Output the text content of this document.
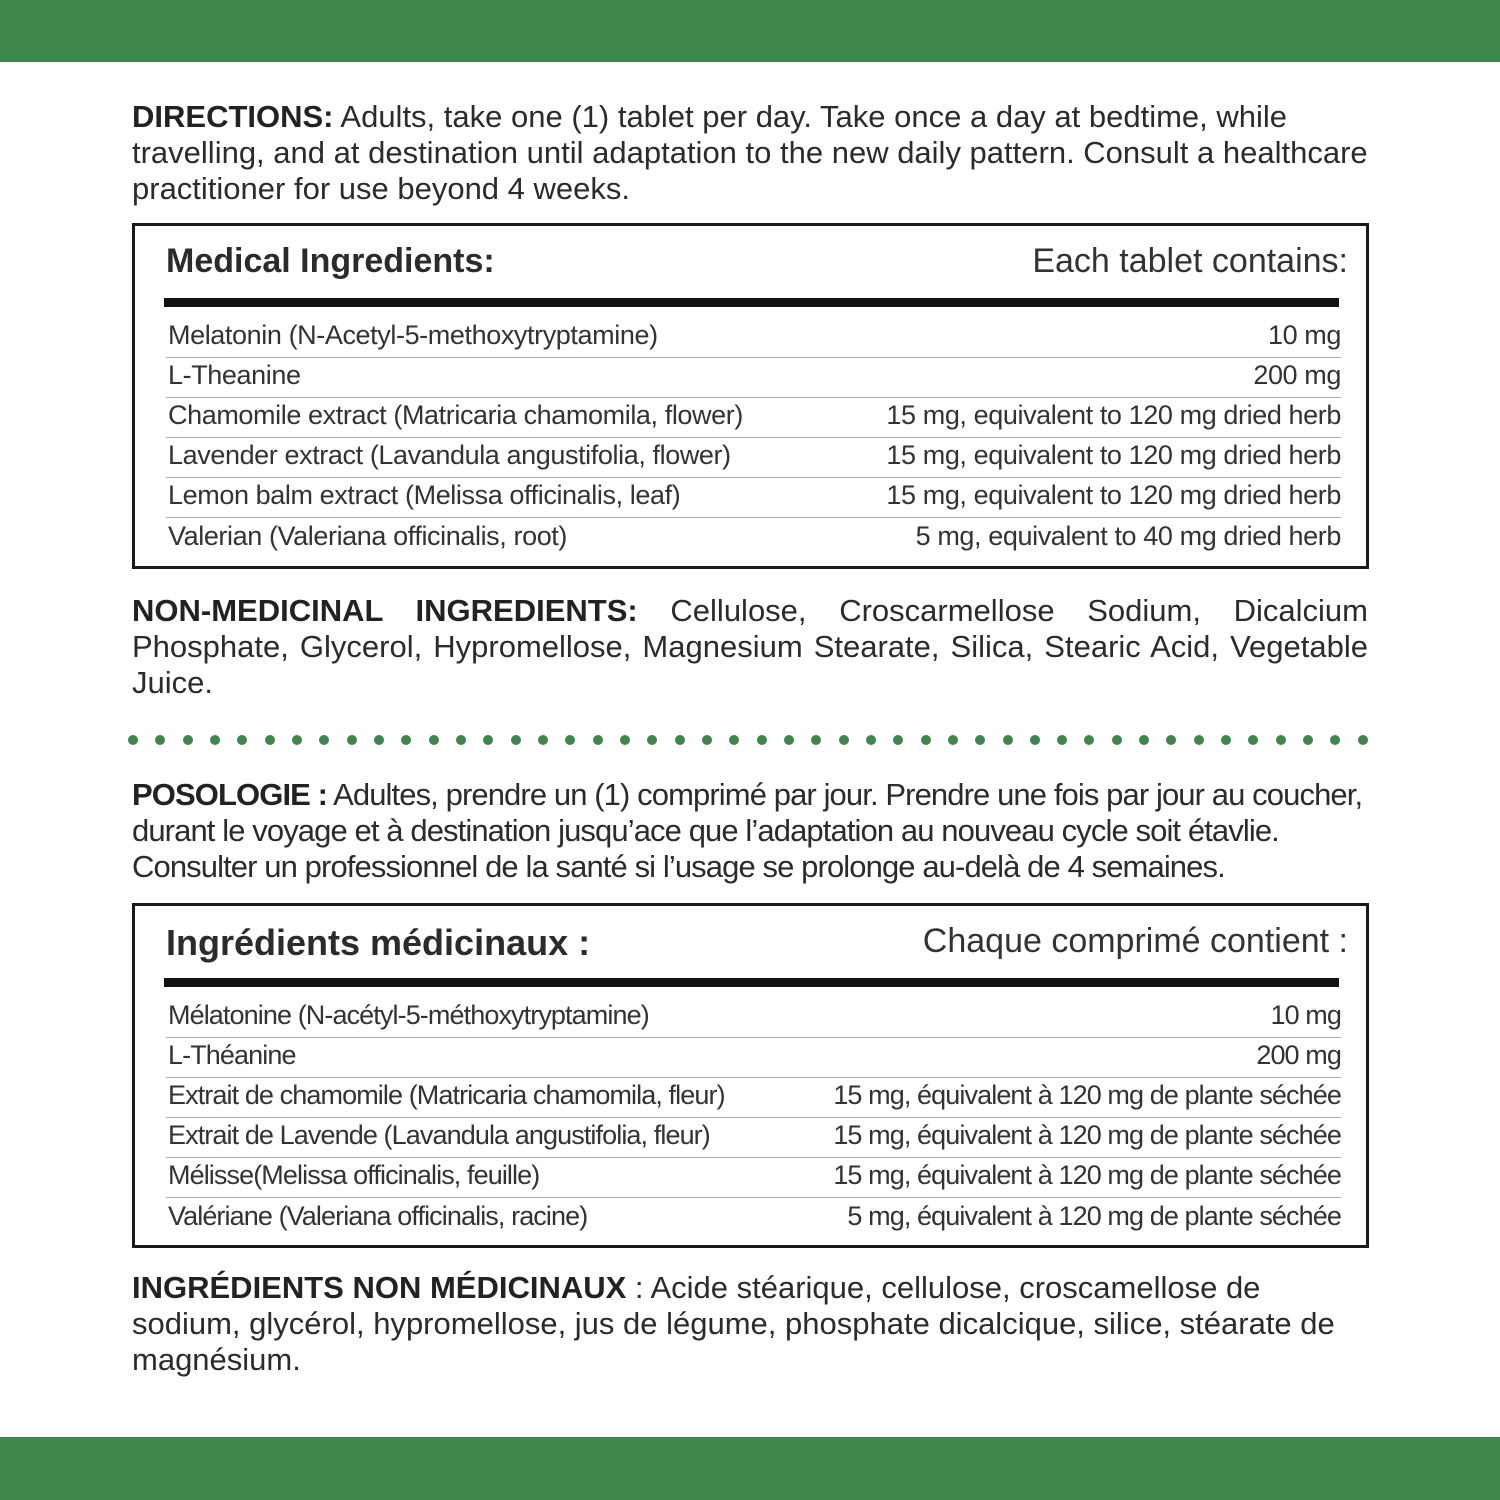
DIRECTIONS: Adults, take one (1) tablet per day. Take once a day at bedtime, while travelling, and at destination until adaptation to the new daily pattern. Consult a healthcare practitioner for use beyond 4 weeks.

Medical Ingredients:	Each tablet contains:
Melatonin (N-Acetyl-5-methoxytryptamine)	10 mg
L-Theanine	200 mg
Chamomile extract (Matricaria chamomila, flower)	15 mg, equivalent to 120 mg dried herb
Lavender extract (Lavandula angustifolia, flower)	15 mg, equivalent to 120 mg dried herb
Lemon balm extract (Melissa officinalis, leaf)	15 mg, equivalent to 120 mg dried herb
Valerian (Valeriana officinalis, root)	5 mg, equivalent to 40 mg dried herb

NON-MEDICINAL INGREDIENTS: Cellulose, Croscarmellose Sodium, Dicalcium Phosphate, Glycerol, Hypromellose, Magnesium Stearate, Silica, Stearic Acid, Vegetable Juice.

POSOLOGIE : Adultes, prendre un (1) comprimé par jour. Prendre une fois par jour au coucher, durant le voyage et à destination jusqu’ace que l’adaptation au nouveau cycle soit étavlie. Consulter un professionnel de la santé si l’usage se prolonge au-delà de 4 semaines.

Ingrédients médicinaux :	Chaque comprimé contient :
Mélatonine (N-acétyl-5-méthoxytryptamine)	10 mg
L-Théanine	200 mg
Extrait de chamomile (Matricaria chamomila, fleur)	15 mg, équivalent à 120 mg de plante séchée
Extrait de Lavende (Lavandula angustifolia, fleur)	15 mg, équivalent à 120 mg de plante séchée
Mélisse(Melissa officinalis, feuille)	15 mg, équivalent à 120 mg de plante séchée
Valériane (Valeriana officinalis, racine)	5 mg, équivalent à 120 mg de plante séchée

INGRÉDIENTS NON MÉDICINAUX : Acide stéarique, cellulose, croscamellose de sodium, glycérol, hypromellose, jus de légume, phosphate dicalcique, silice, stéarate de magnésium.
